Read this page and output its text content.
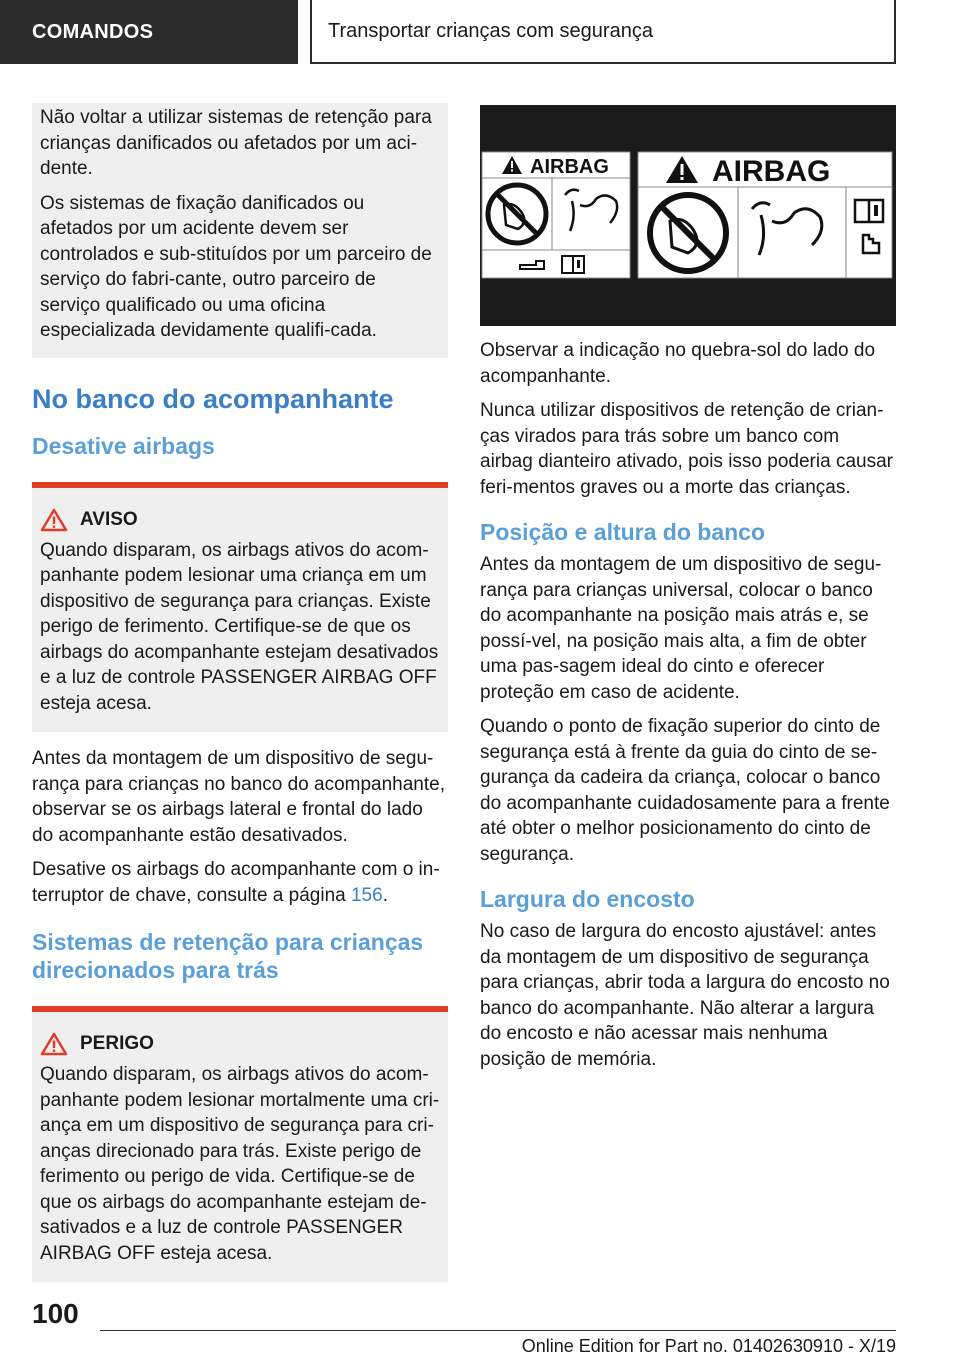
COMANDOS	Transportar crianças com segurança

Não voltar a utilizar sistemas de retenção para crianças danificados ou afetados por um aci-dente.

Os sistemas de fixação danificados ou afetados por um acidente devem ser controlados e sub-stituídos por um parceiro de serviço do fabri-cante, outro parceiro de serviço qualificado ou uma oficina especializada devidamente qualifi-cada.

No banco do acompanhante
Desative airbags
AVISO

Quando disparam, os airbags ativos do acom-panhante podem lesionar uma criança em um dispositivo de segurança para crianças. Existe perigo de ferimento. Certifique-se de que os airbags do acompanhante estejam desativados e a luz de controle PASSENGER AIRBAG OFF esteja acesa.

Antes da montagem de um dispositivo de segu-rança para crianças no banco do acompanhante, observar se os airbags lateral e frontal do lado do acompanhante estão desativados.

Desative os airbags do acompanhante com o in-terruptor de chave, consulte a página 156.

Sistemas de retenção para crianças direcionados para trás
PERIGO

Quando disparam, os airbags ativos do acom-panhante podem lesionar mortalmente uma cri-ança em um dispositivo de segurança para cri-anças direcionado para trás. Existe perigo de ferimento ou perigo de vida. Certifique-se de que os airbags do acompanhante estejam de-sativados e a luz de controle PASSENGER AIRBAG OFF esteja acesa.

AIRBAG	AIRBAG

Observar a indicação no quebra-sol do lado do acompanhante.

Nunca utilizar dispositivos de retenção de crian-ças virados para trás sobre um banco com airbag dianteiro ativado, pois isso poderia causar feri-mentos graves ou a morte das crianças.

Posição e altura do banco

Antes da montagem de um dispositivo de segu-rança para crianças universal, colocar o banco do acompanhante na posição mais atrás e, se possí-vel, na posição mais alta, a fim de obter uma pas-sagem ideal do cinto e oferecer proteção em caso de acidente.

Quando o ponto de fixação superior do cinto de segurança está à frente da guia do cinto de se-gurança da cadeira da criança, colocar o banco do acompanhante cuidadosamente para a frente até obter o melhor posicionamento do cinto de segurança.

Largura do encosto

No caso de largura do encosto ajustável: antes da montagem de um dispositivo de segurança para crianças, abrir toda a largura do encosto no banco do acompanhante. Não alterar a largura do encosto e não acessar mais nenhuma posição de memória.

100
Online Edition for Part no. 01402630910 - X/19
